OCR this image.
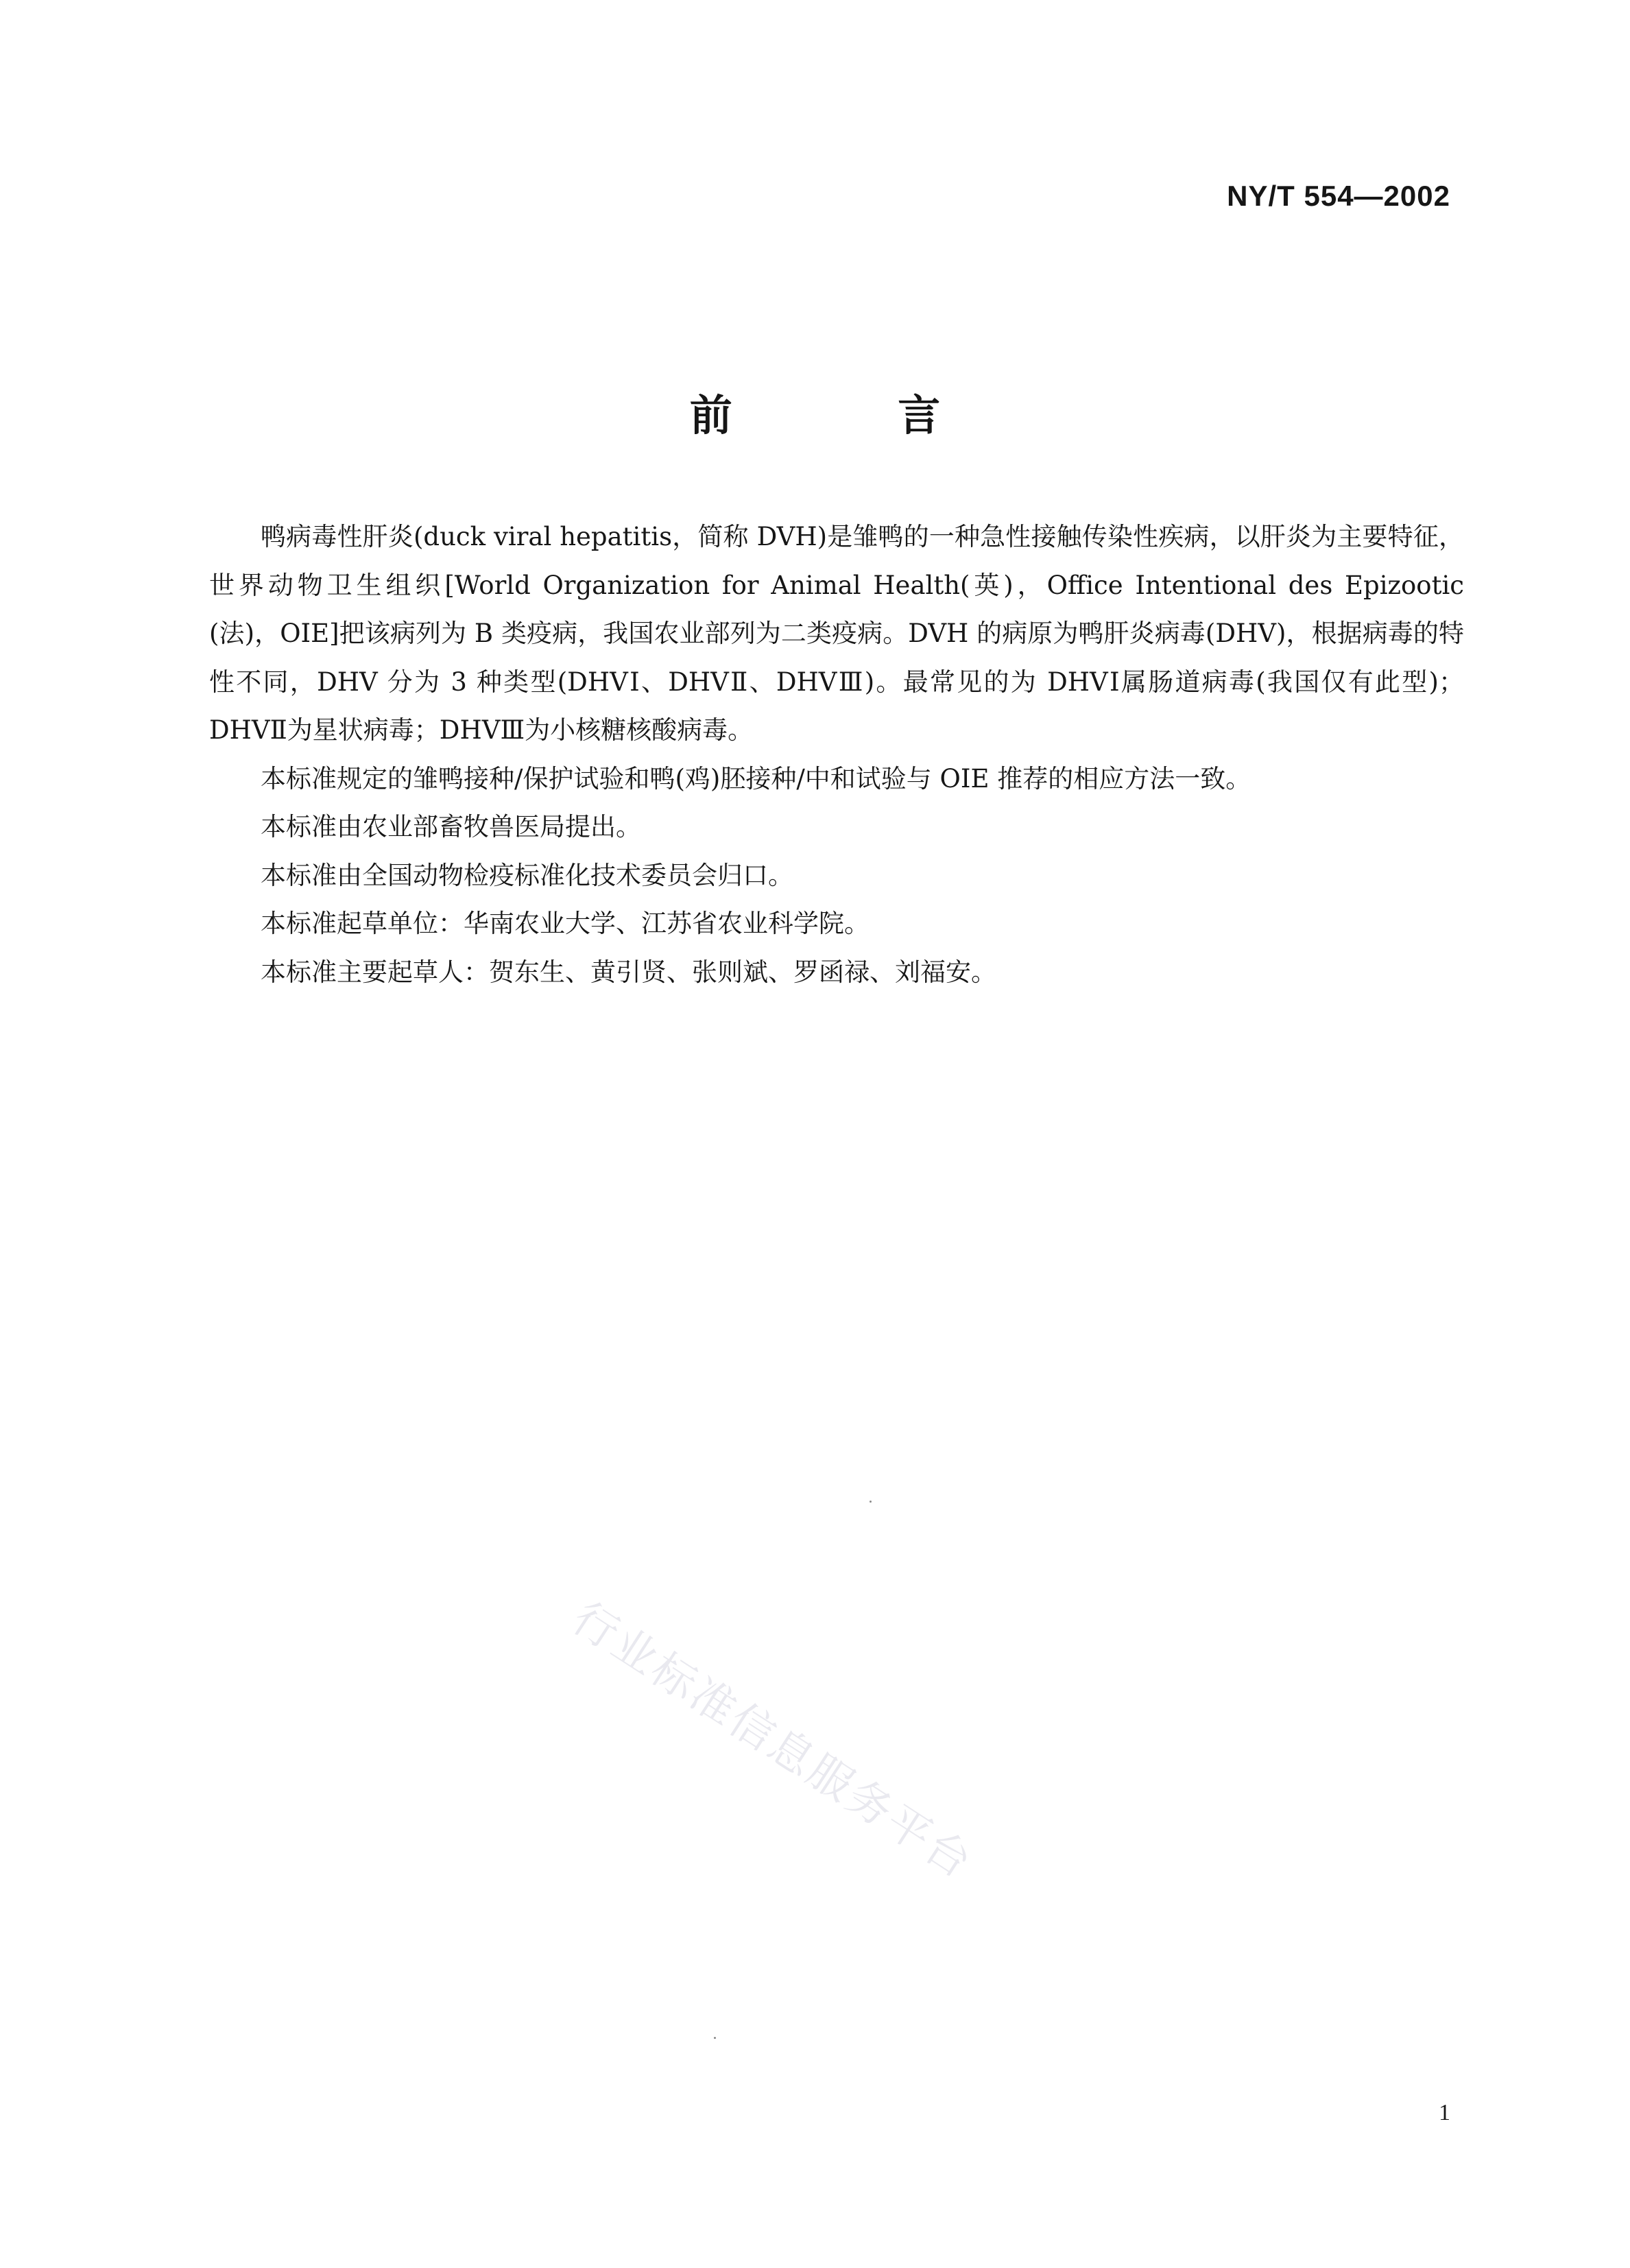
NY/T 554—2002
前 言

鸭病毒性肝炎(duck viral hepatitis，简称 DVH)是雏鸭的一种急性接触传染性疾病，以肝炎为主要特征，世界动物卫生组织[World Organization for Animal Health(英)，Office Intentional des Epizootic (法)，OIE]把该病列为 B 类疫病，我国农业部列为二类疫病。DVH 的病原为鸭肝炎病毒(DHV)，根据病毒的特性不同，DHV 分为 3 种类型(DHVⅠ、DHVⅡ、DHVⅢ)。最常见的为 DHVⅠ属肠道病毒(我国仅有此型)；DHVⅡ为星状病毒；DHVⅢ为小核糖核酸病毒。

本标准规定的雏鸭接种/保护试验和鸭(鸡)胚接种/中和试验与 OIE 推荐的相应方法一致。

本标准由农业部畜牧兽医局提出。

本标准由全国动物检疫标准化技术委员会归口。

本标准起草单位：华南农业大学、江苏省农业科学院。

本标准主要起草人：贺东生、黄引贤、张则斌、罗函禄、刘福安。

行业标准信息服务平台
1
